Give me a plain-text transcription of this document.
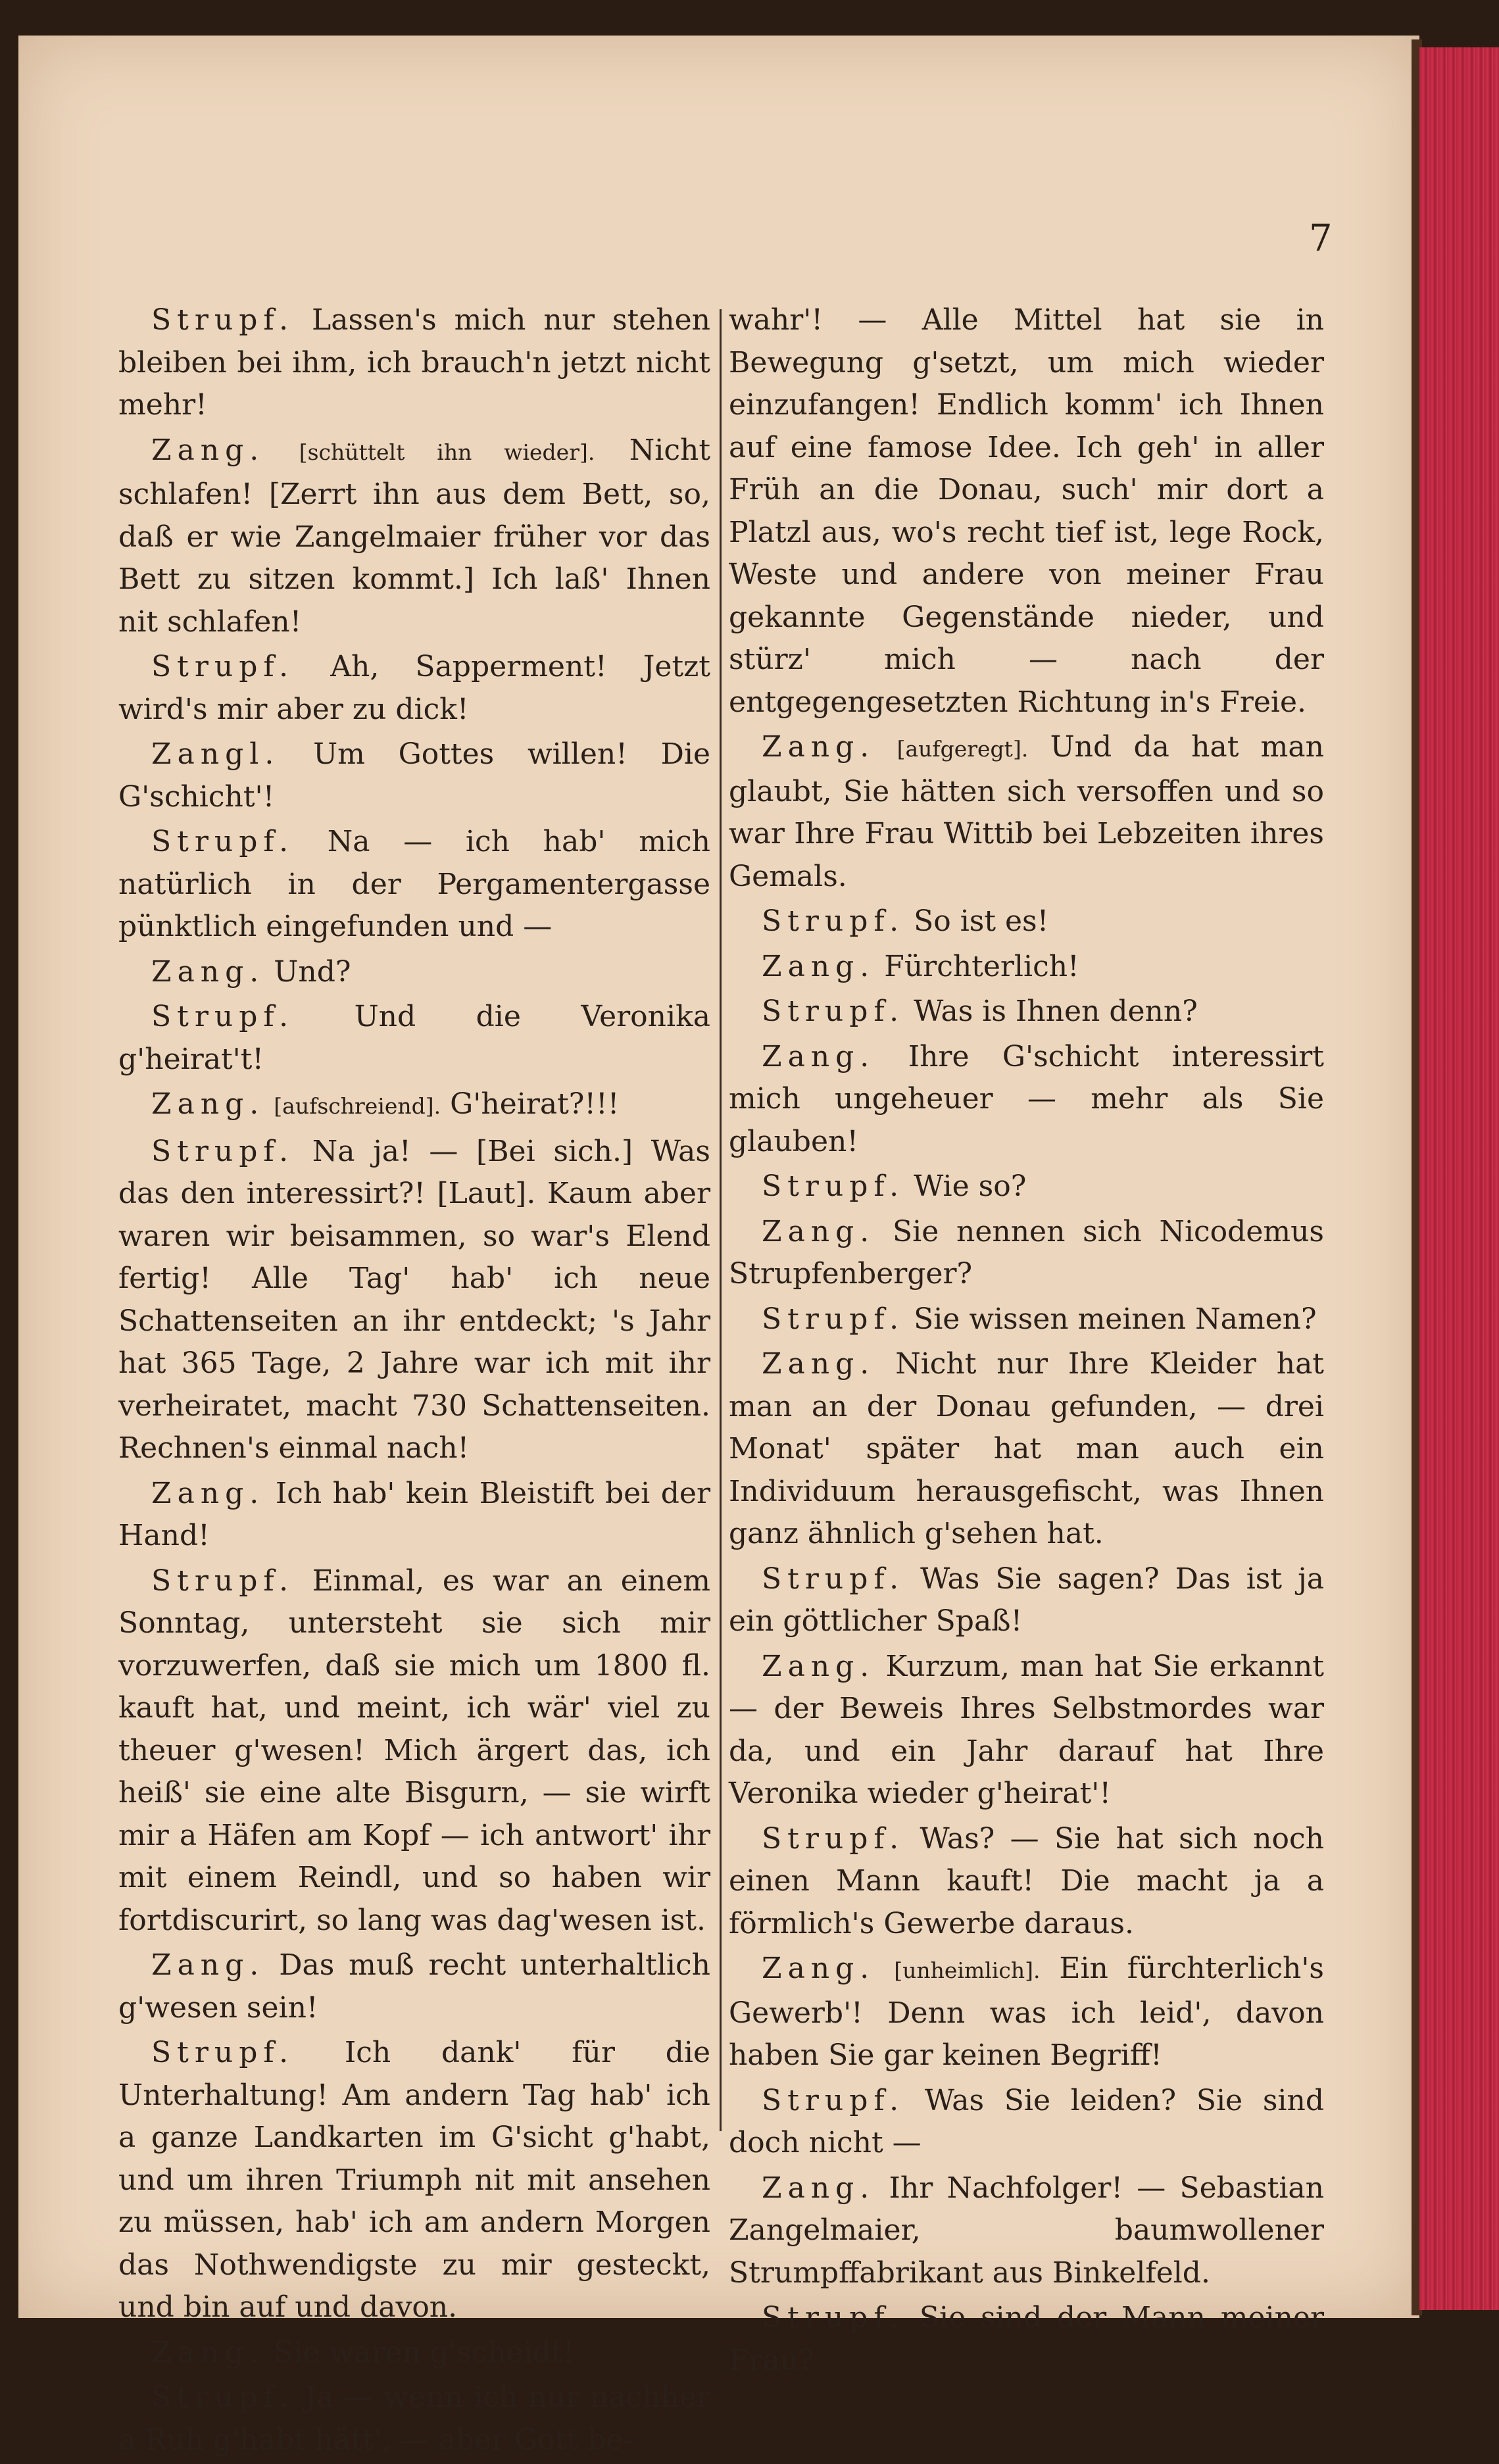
7

Strupf. Lassen's mich nur stehen bleiben bei ihm, ich brauch'n jetzt nicht mehr!

Zang. [schüttelt ihn wieder]. Nicht schlafen! [Zerrt ihn aus dem Bett, so, daß er wie Zangelmaier früher vor das Bett zu sitzen kommt.] Ich laß' Ihnen nit schlafen!

Strupf. Ah, Sapperment! Jetzt wird's mir aber zu dick!

Zangl. Um Gottes willen! Die G'schicht'!

Strupf. Na — ich hab' mich natürlich in der Pergamentergasse pünktlich eingefunden und —

Zang. Und?

Strupf. Und die Veronika g'heirat't!

Zang. [aufschreiend]. G'heirat?!!!

Strupf. Na ja! — [Bei sich.] Was das den interessirt?! [Laut]. Kaum aber waren wir beisammen, so war's Elend fertig! Alle Tag' hab' ich neue Schattenseiten an ihr entdeckt; 's Jahr hat 365 Tage, 2 Jahre war ich mit ihr verheiratet, macht 730 Schattenseiten. Rechnen's einmal nach!

Zang. Ich hab' kein Bleistift bei der Hand!

Strupf. Einmal, es war an einem Sonntag, untersteht sie sich mir vorzuwerfen, daß sie mich um 1800 fl. kauft hat, und meint, ich wär' viel zu theuer g'wesen! Mich ärgert das, ich heiß' sie eine alte Bisgurn, — sie wirft mir a Häfen am Kopf — ich antwort' ihr mit einem Reindl, und so haben wir fortdiscurirt, so lang was dag'wesen ist.

Zang. Das muß recht unterhaltlich g'wesen sein!

Strupf. Ich dank' für die Unterhaltung! Am andern Tag hab' ich a ganze Landkarten im G'sicht g'habt, und um ihren Triumph nit mit ansehen zu müssen, hab' ich am andern Morgen das Nothwendigste zu mir gesteckt, und bin auf und davon.

Zang. Sie waren g'scheidt!

Strupf. Ja — wenn ich nur nachher a Ruh g'habt hätt', — aber Gott be-

wahr'! — Alle Mittel hat sie in Bewegung g'setzt, um mich wieder einzufangen! Endlich komm' ich Ihnen auf eine famose Idee. Ich geh' in aller Früh an die Donau, such' mir dort a Platzl aus, wo's recht tief ist, lege Rock, Weste und andere von meiner Frau gekannte Gegenstände nieder, und stürz' mich — nach der entgegengesetzten Richtung in's Freie.

Zang. [aufgeregt]. Und da hat man glaubt, Sie hätten sich versoffen und so war Ihre Frau Wittib bei Lebzeiten ihres Gemals.

Strupf. So ist es!

Zang. Fürchterlich!

Strupf. Was is Ihnen denn?

Zang. Ihre G'schicht interessirt mich ungeheuer — mehr als Sie glauben!

Strupf. Wie so?

Zang. Sie nennen sich Nicodemus Strupfenberger?

Strupf. Sie wissen meinen Namen?

Zang. Nicht nur Ihre Kleider hat man an der Donau gefunden, — drei Monat' später hat man auch ein Individuum herausgefischt, was Ihnen ganz ähnlich g'sehen hat.

Strupf. Was Sie sagen? Das ist ja ein göttlicher Spaß!

Zang. Kurzum, man hat Sie erkannt — der Beweis Ihres Selbstmordes war da, und ein Jahr darauf hat Ihre Veronika wieder g'heirat'!

Strupf. Was? — Sie hat sich noch einen Mann kauft! Die macht ja a förmlich's Gewerbe daraus.

Zang. [unheimlich]. Ein fürchterlich's Gewerb'! Denn was ich leid', davon haben Sie gar keinen Begriff!

Strupf. Was Sie leiden? Sie sind doch nicht —

Zang. Ihr Nachfolger! — Sebastian Zangelmaier, baumwollener Strumpffabrikant aus Binkelfeld.

Strupf. Sie sind der Mann meiner Frau?
